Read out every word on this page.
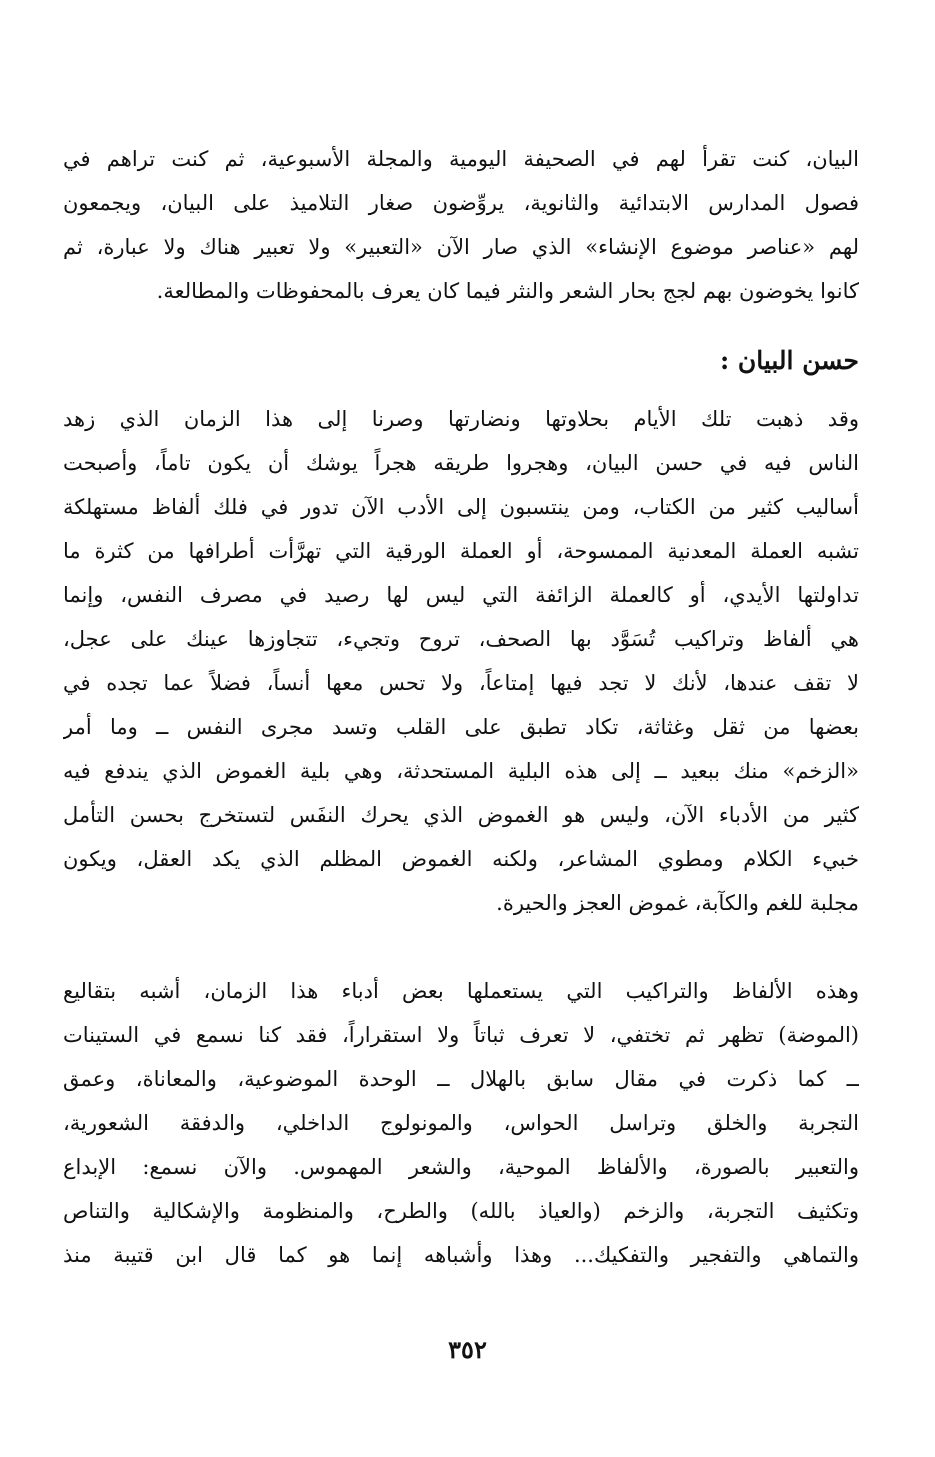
البيان، كنت تقرأ لهم في الصحيفة اليومية والمجلة الأسبوعية، ثم كنت تراهم في
فصول المدارس الابتدائية والثانوية، يروِّضون صغار التلاميذ على البيان، ويجمعون
لهم «عناصر موضوع الإنشاء» الذي صار الآن «التعبير» ولا تعبير هناك ولا عبارة، ثم
كانوا يخوضون بهم لجج بحار الشعر والنثر فيما كان يعرف بالمحفوظات والمطالعة.
حسن البيان :
وقد ذهبت تلك الأيام بحلاوتها ونضارتها وصرنا إلى هذا الزمان الذي زهد
الناس فيه في حسن البيان، وهجروا طريقه هجراً يوشك أن يكون تاماً، وأصبحت
أساليب كثير من الكتاب، ومن ينتسبون إلى الأدب الآن تدور في فلك ألفاظ مستهلكة
تشبه العملة المعدنية الممسوحة، أو العملة الورقية التي تهرَّأت أطرافها من كثرة ما
تداولتها الأيدي، أو كالعملة الزائفة التي ليس لها رصيد في مصرف النفس، وإنما
هي ألفاظ وتراكيب تُسَوَّد بها الصحف، تروح وتجيء، تتجاوزها عينك على عجل،
لا تقف عندها، لأنك لا تجد فيها إمتاعاً، ولا تحس معها أنساً، فضلاً عما تجده في
بعضها من ثقل وغثاثة، تكاد تطبق على القلب وتسد مجرى النفس ــ وما أمر
«الزخم» منك ببعيد ــ إلى هذه البلية المستحدثة، وهي بلية الغموض الذي يندفع فيه
كثير من الأدباء الآن، وليس هو الغموض الذي يحرك النفَس لتستخرج بحسن التأمل
خبيء الكلام ومطوي المشاعر، ولكنه الغموض المظلم الذي يكد العقل، ويكون
مجلبة للغم والكآبة، غموض العجز والحيرة.
وهذه الألفاظ والتراكيب التي يستعملها بعض أدباء هذا الزمان، أشبه بتقاليع
(الموضة) تظهر ثم تختفي، لا تعرف ثباتاً ولا استقراراً، فقد كنا نسمع في الستينات
ــ كما ذكرت في مقال سابق بالهلال ــ الوحدة الموضوعية، والمعاناة، وعمق
التجربة والخلق وتراسل الحواس، والمونولوج الداخلي، والدفقة الشعورية،
والتعبير بالصورة، والألفاظ الموحية، والشعر المهموس. والآن نسمع: الإبداع
وتكثيف التجربة، والزخم (والعياذ بالله) والطرح، والمنظومة والإشكالية والتناص
والتماهي والتفجير والتفكيك... وهذا وأشباهه إنما هو كما قال ابن قتيبة منذ
٣٥٢
